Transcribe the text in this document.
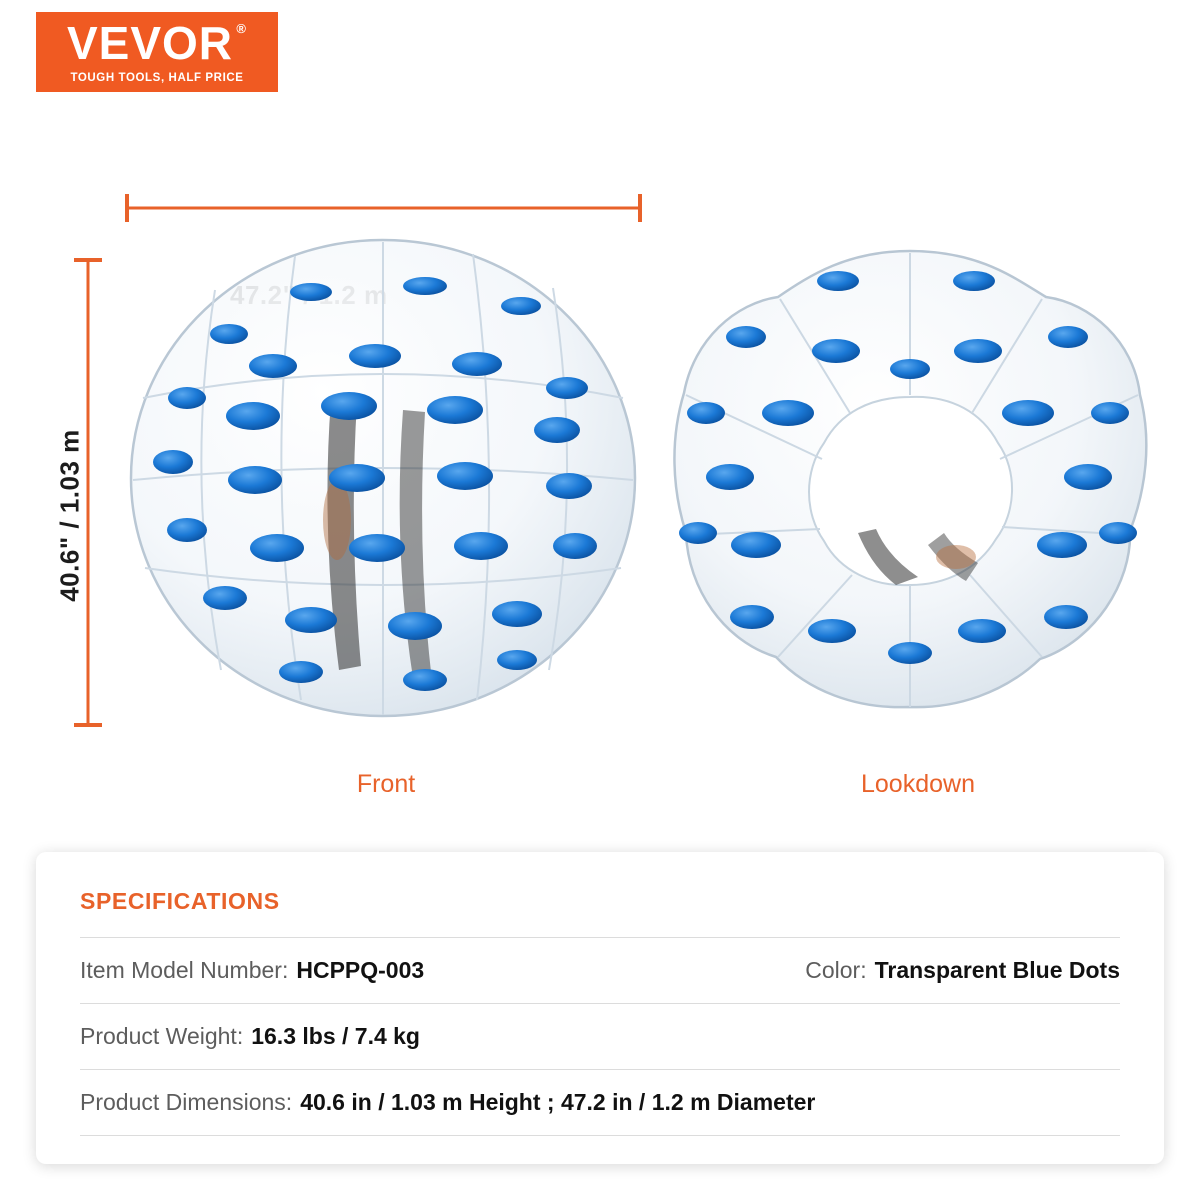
VEVOR ®
TOUGH TOOLS, HALF PRICE
40.6" / 1.03 m
Front	Lookdown
SPECIFICATIONS
Item Model Number: HCPPQ-003	Color: Transparent Blue Dots
Product Weight: 16.3 lbs / 7.4 kg
Product Dimensions: 40.6 in / 1.03 m Height ; 47.2 in / 1.2 m Diameter
